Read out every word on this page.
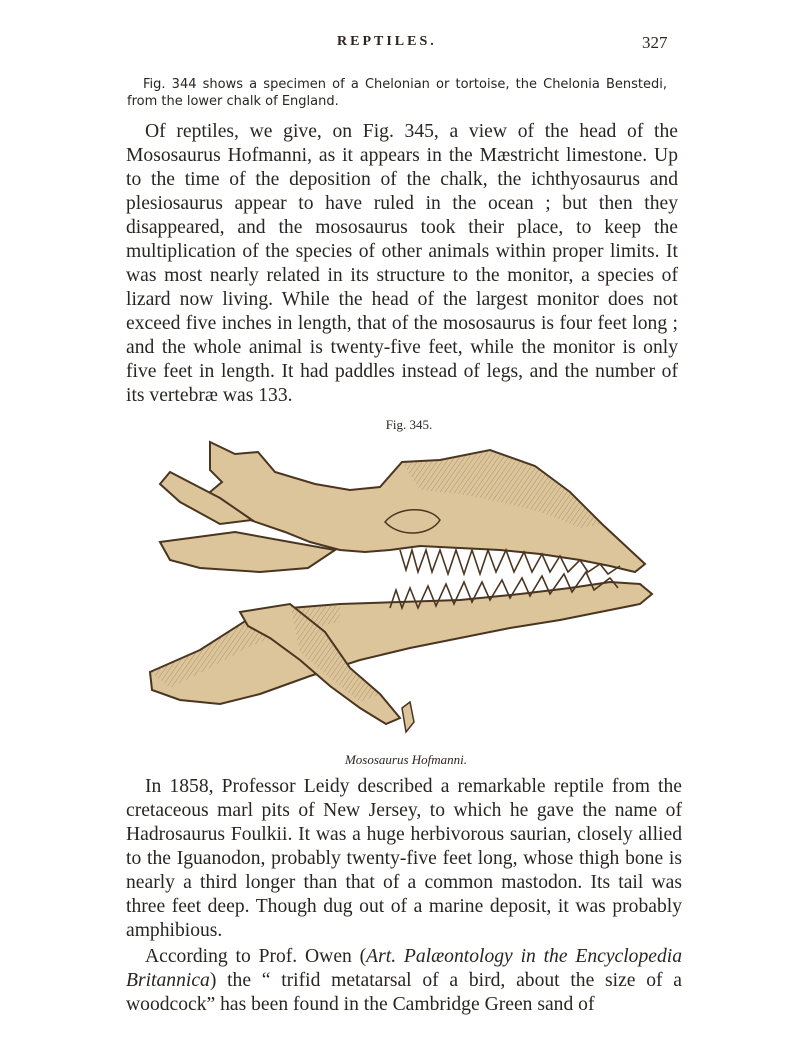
REPTILES.	327

Fig. 344 shows a specimen of a Chelonian or tortoise, the Chelonia Benstedi, from the lower chalk of England.

Of reptiles, we give, on Fig. 345, a view of the head of the Mososaurus Hofmanni, as it appears in the Mæstricht limestone. Up to the time of the deposition of the chalk, the ichthyosaurus and plesiosaurus appear to have ruled in the ocean ; but then they disappeared, and the mososaurus took their place, to keep the multiplication of the species of other animals within proper limits. It was most nearly related in its structure to the monitor, a species of lizard now living. While the head of the largest monitor does not exceed five inches in length, that of the mososaurus is four feet long ; and the whole animal is twenty-five feet, while the monitor is only five feet in length. It had paddles instead of legs, and the number of its vertebræ was 133.

Fig. 345.
Mososaurus Hofmanni.

In 1858, Professor Leidy described a remarkable reptile from the cretaceous marl pits of New Jersey, to which he gave the name of Hadrosaurus Foulkii. It was a huge herbivorous saurian, closely allied to the Iguanodon, probably twenty-five feet long, whose thigh bone is nearly a third longer than that of a common mastodon. Its tail was three feet deep. Though dug out of a marine deposit, it was probably amphibious.

According to Prof. Owen (Art. Palæontology in the Encyclopedia Britannica) the “ trifid metatarsal of a bird, about the size of a woodcock” has been found in the Cambridge Green sand of
